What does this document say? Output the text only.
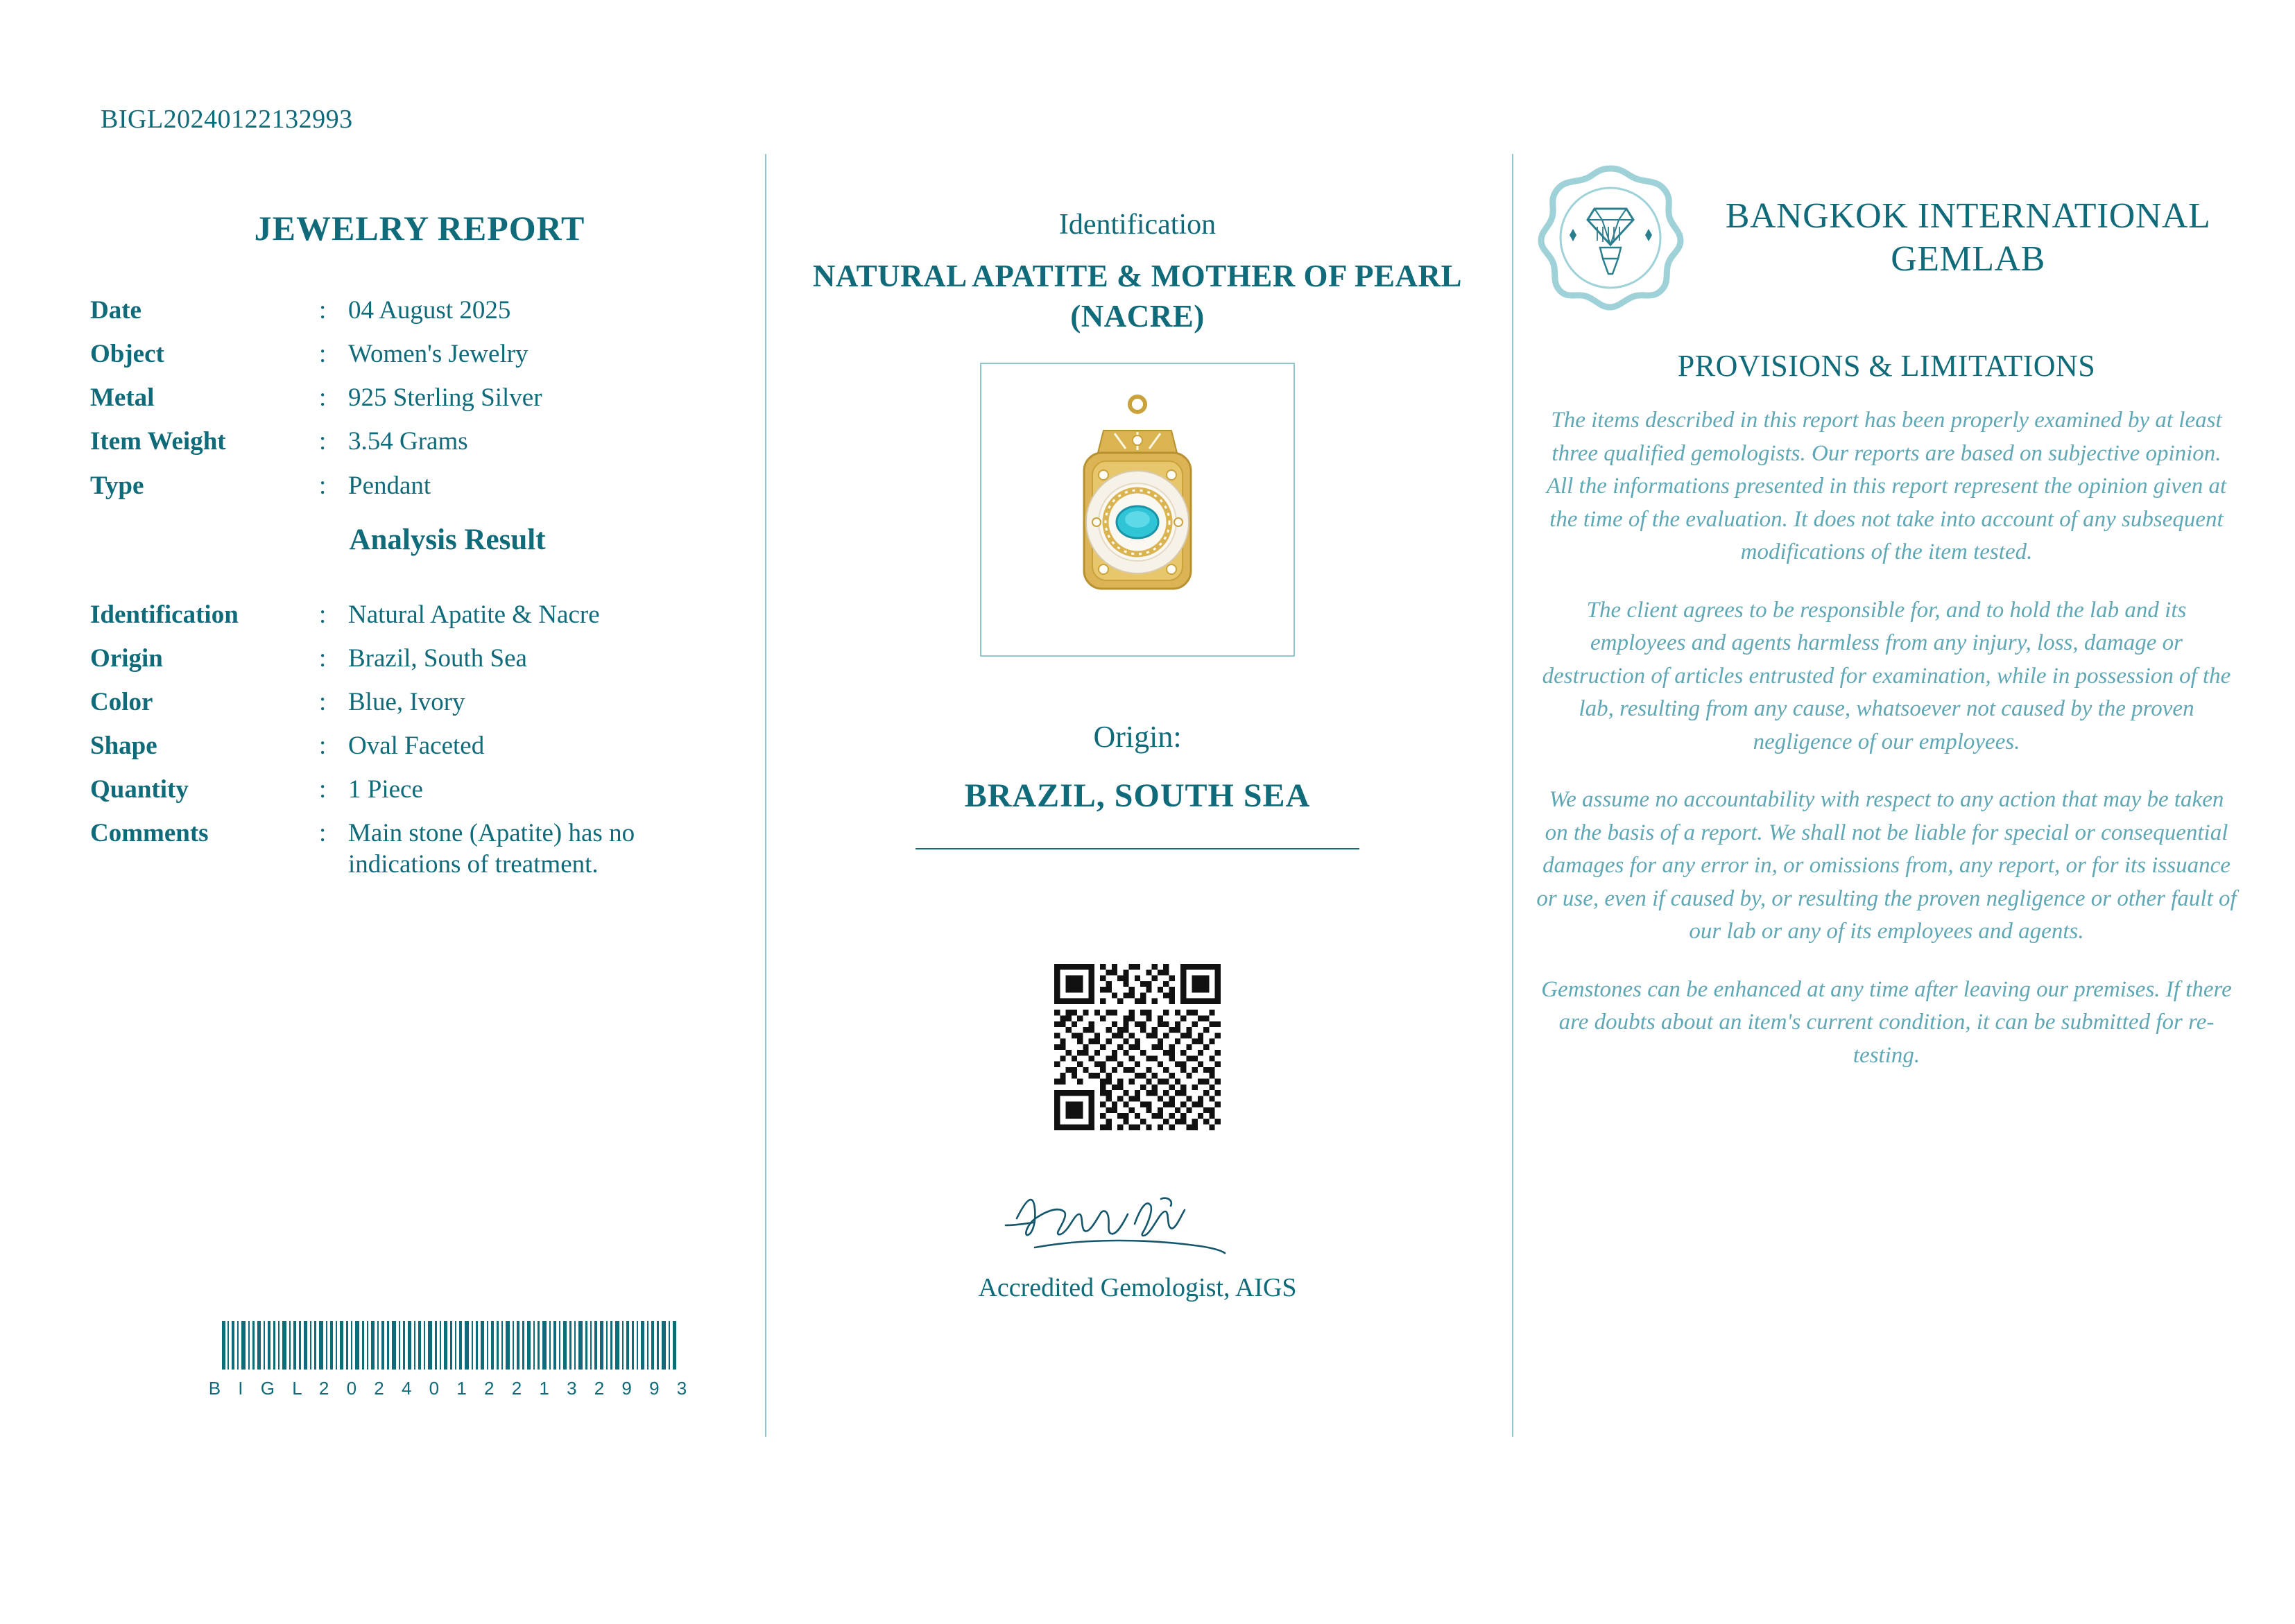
BIGL20240122132993
JEWELRY REPORT
Date	:	04 August 2025
Object	:	Women's Jewelry
Metal	:	925 Sterling Silver
Item Weight	:	3.54 Grams
Type	:	Pendant
Analysis Result
Identification	:	Natural Apatite & Nacre
Origin	:	Brazil, South Sea
Color	:	Blue, Ivory
Shape	:	Oval Faceted
Quantity	:	1 Piece
Comments	:	Main stone (Apatite) has no indications of treatment.
B I G L 2 0 2 4 0 1 2 2 1 3 2 9 9 3
Identification
NATURAL APATITE & MOTHER OF PEARL (NACRE)
Origin:
BRAZIL, SOUTH SEA
Accredited Gemologist, AIGS
BANGKOK INTERNATIONAL GEMLAB
PROVISIONS & LIMITATIONS

The items described in this report has been properly examined by at least three qualified gemologists. Our reports are based on subjective opinion. All the informations presented in this report represent the opinion given at the time of the evaluation. It does not take into account of any subsequent modifications of the item tested.

The client agrees to be responsible for, and to hold the lab and its employees and agents harmless from any injury, loss, damage or destruction of articles entrusted for examination, while in possession of the lab, resulting from any cause, whatsoever not caused by the proven negligence of our employees.

We assume no accountability with respect to any action that may be taken on the basis of a report. We shall not be liable for special or consequential damages for any error in, or omissions from, any report, or for its issuance or use, even if caused by, or resulting the proven negligence or other fault of our lab or any of its employees and agents.

Gemstones can be enhanced at any time after leaving our premises. If there are doubts about an item's current condition, it can be submitted for re-testing.
